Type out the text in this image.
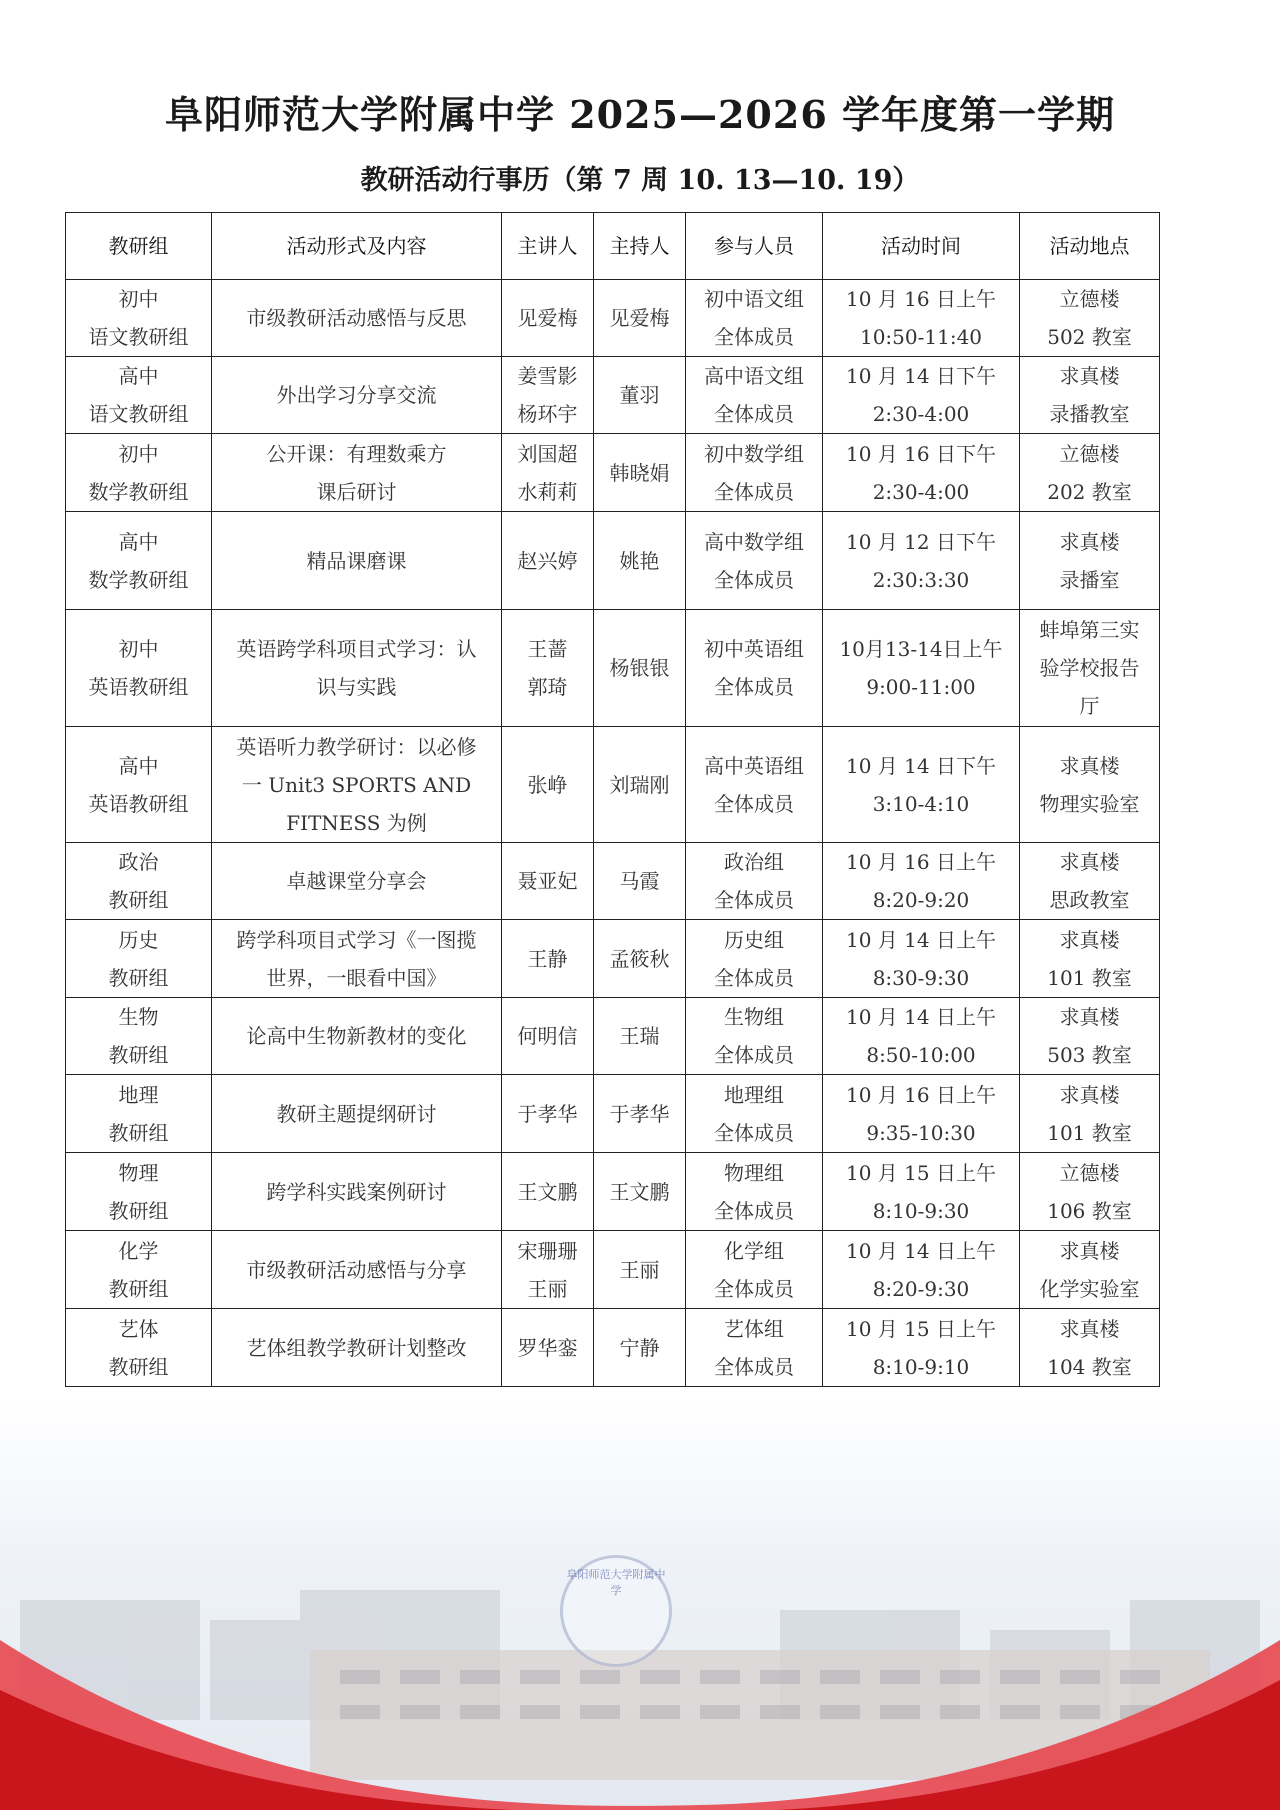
阜阳师范大学附属中学 2025—2026 学年度第一学期
教研活动行事历（第 7 周 10. 13—10. 19）
教研组	活动形式及内容	主讲人	主持人	参与人员	活动时间	活动地点

初中
语文教研组	市级教研活动感悟与反思	见爱梅	见爱梅	初中语文组
全体成员	10 月 16 日上午
10:50-11:40	立德楼
502 教室

高中
语文教研组	外出学习分享交流	姜雪影
杨环宇	董羽	高中语文组
全体成员	10 月 14 日下午
2:30-4:00	求真楼
录播教室

初中
数学教研组	公开课：有理数乘方
课后研讨	刘国超
水莉莉	韩晓娟	初中数学组
全体成员	10 月 16 日下午
2:30-4:00	立德楼
202 教室

高中
数学教研组	精品课磨课	赵兴婷	姚艳	高中数学组
全体成员	10 月 12 日下午
2:30:3:30	求真楼
录播室

初中
英语教研组	英语跨学科项目式学习：认
识与实践	王蔷
郭琦	杨银银	初中英语组
全体成员	10月13-14日上午
9:00-11:00	蚌埠第三实
验学校报告
厅

高中
英语教研组	英语听力教学研讨：以必修
一 Unit3 SPORTS AND
FITNESS 为例	张峥	刘瑞刚	高中英语组
全体成员	10 月 14 日下午
3:10-4:10	求真楼
物理实验室

政治
教研组	卓越课堂分享会	聂亚妃	马霞	政治组
全体成员	10 月 16 日上午
8:20-9:20	求真楼
思政教室

历史
教研组	跨学科项目式学习《一图揽
世界，一眼看中国》	王静	孟筱秋	历史组
全体成员	10 月 14 日上午
8:30-9:30	求真楼
101 教室

生物
教研组	论高中生物新教材的变化	何明信	王瑞	生物组
全体成员	10 月 14 日上午
8:50-10:00	求真楼
503 教室

地理
教研组	教研主题提纲研讨	于孝华	于孝华	地理组
全体成员	10 月 16 日上午
9:35-10:30	求真楼
101 教室

物理
教研组	跨学科实践案例研讨	王文鹏	王文鹏	物理组
全体成员	10 月 15 日上午
8:10-9:30	立德楼
106 教室

化学
教研组	市级教研活动感悟与分享	宋珊珊
王丽	王丽	化学组
全体成员	10 月 14 日上午
8:20-9:30	求真楼
化学实验室

艺体
教研组	艺体组教学教研计划整改	罗华銮	宁静	艺体组
全体成员	10 月 15 日上午
8:10-9:10	求真楼
104 教室
阜阳师范大学附属中学
